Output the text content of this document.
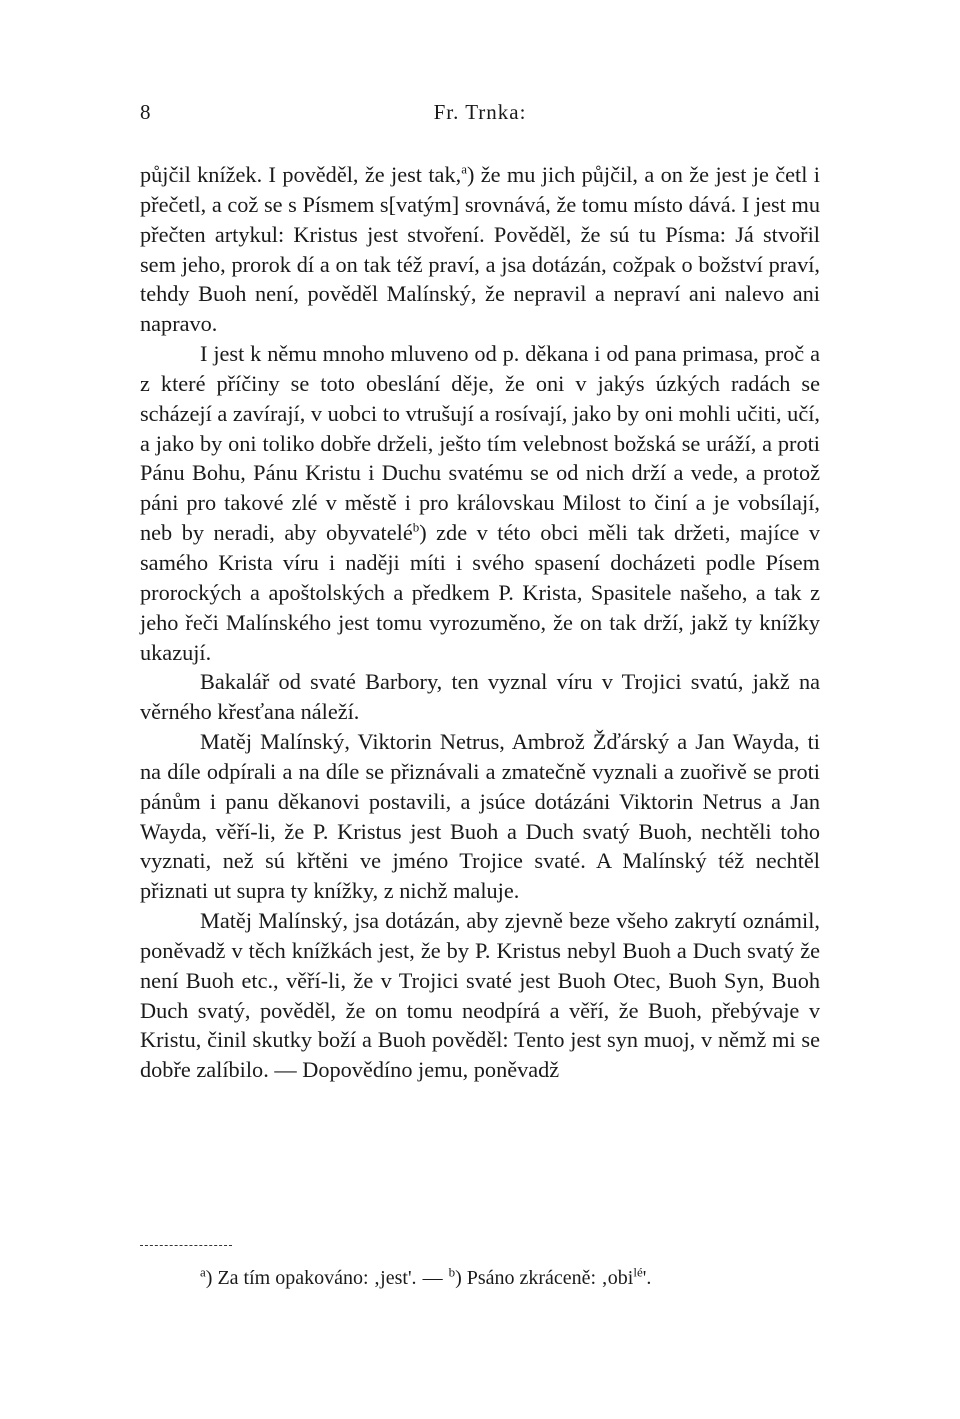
8	Fr. Trnka:

půjčil knížek. I pověděl, že jest tak,$^a$) že mu jich půjčil, a on že jest je četl i přečetl, a což se s Písmem s[vatým] srovnává, že tomu místo dává. I jest mu přečten artykul: Kristus jest stvoření. Pověděl, že sú tu Písma: Já stvořil sem jeho, prorok dí a on tak též praví, a jsa dotázán, cožpak o božství praví, tehdy Buoh není, pověděl Malínský, že nepravil a nepraví ani nalevo ani napravo.

I jest k němu mnoho mluveno od p. děkana i od pana primasa, proč a z které příčiny se toto obeslání děje, že oni v jakýs úzkých radách se scházejí a zavírají, v uobci to vtrušují a rosívají, jako by oni mohli učiti, učí, a jako by oni toliko dobře drželi, ješto tím velebnost božská se uráží, a proti Pánu Bohu, Pánu Kristu i Duchu svatému se od nich drží a vede, a protož páni pro takové zlé v městě i pro královskau Milost to činí a je vobsílají, neb by neradi, aby obyvatelé$^b$) zde v této obci měli tak držeti, majíce v samého Krista víru i naději míti i svého spasení docházeti podle Písem prorockých a apoštolských a předkem P. Krista, Spasitele našeho, a tak z jeho řeči Malínského jest tomu vyrozuměno, že on tak drží, jakž ty knížky ukazují.

Bakalář od svaté Barbory, ten vyznal víru v Trojici svatú, jakž na věrného křesťana náleží.

Matěj Malínský, Viktorin Netrus, Ambrož Žďárský a Jan Wayda, ti na díle odpírali a na díle se přiznávali a zmatečně vyznali a zuořivě se proti pánům i panu děkanovi postavili, a jsúce dotázáni Viktorin Netrus a Jan Wayda, věří-li, že P. Kristus jest Buoh a Duch svatý Buoh, nechtěli toho vyznati, než sú křtěni ve jméno Trojice svaté. A Malínský též nechtěl přiznati ut supra ty knížky, z nichž maluje.

Matěj Malínský, jsa dotázán, aby zjevně beze všeho zakrytí oznámil, poněvadž v těch knížkách jest, že by P. Kristus nebyl Buoh a Duch svatý že není Buoh etc., věří-li, že v Trojici svaté jest Buoh Otec, Buoh Syn, Buoh Duch svatý, pověděl, že on tomu neodpírá a věří, že Buoh, přebývaje v Kristu, činil skutky boží a Buoh pověděl: Tento jest syn muoj, v němž mi se dobře zalíbilo. — Dopovědíno jemu, poněvadž

$^a$) Za tím opakováno: ‚jest'. — $^b$) Psáno zkráceně: ‚obi$^{lé}$'.
